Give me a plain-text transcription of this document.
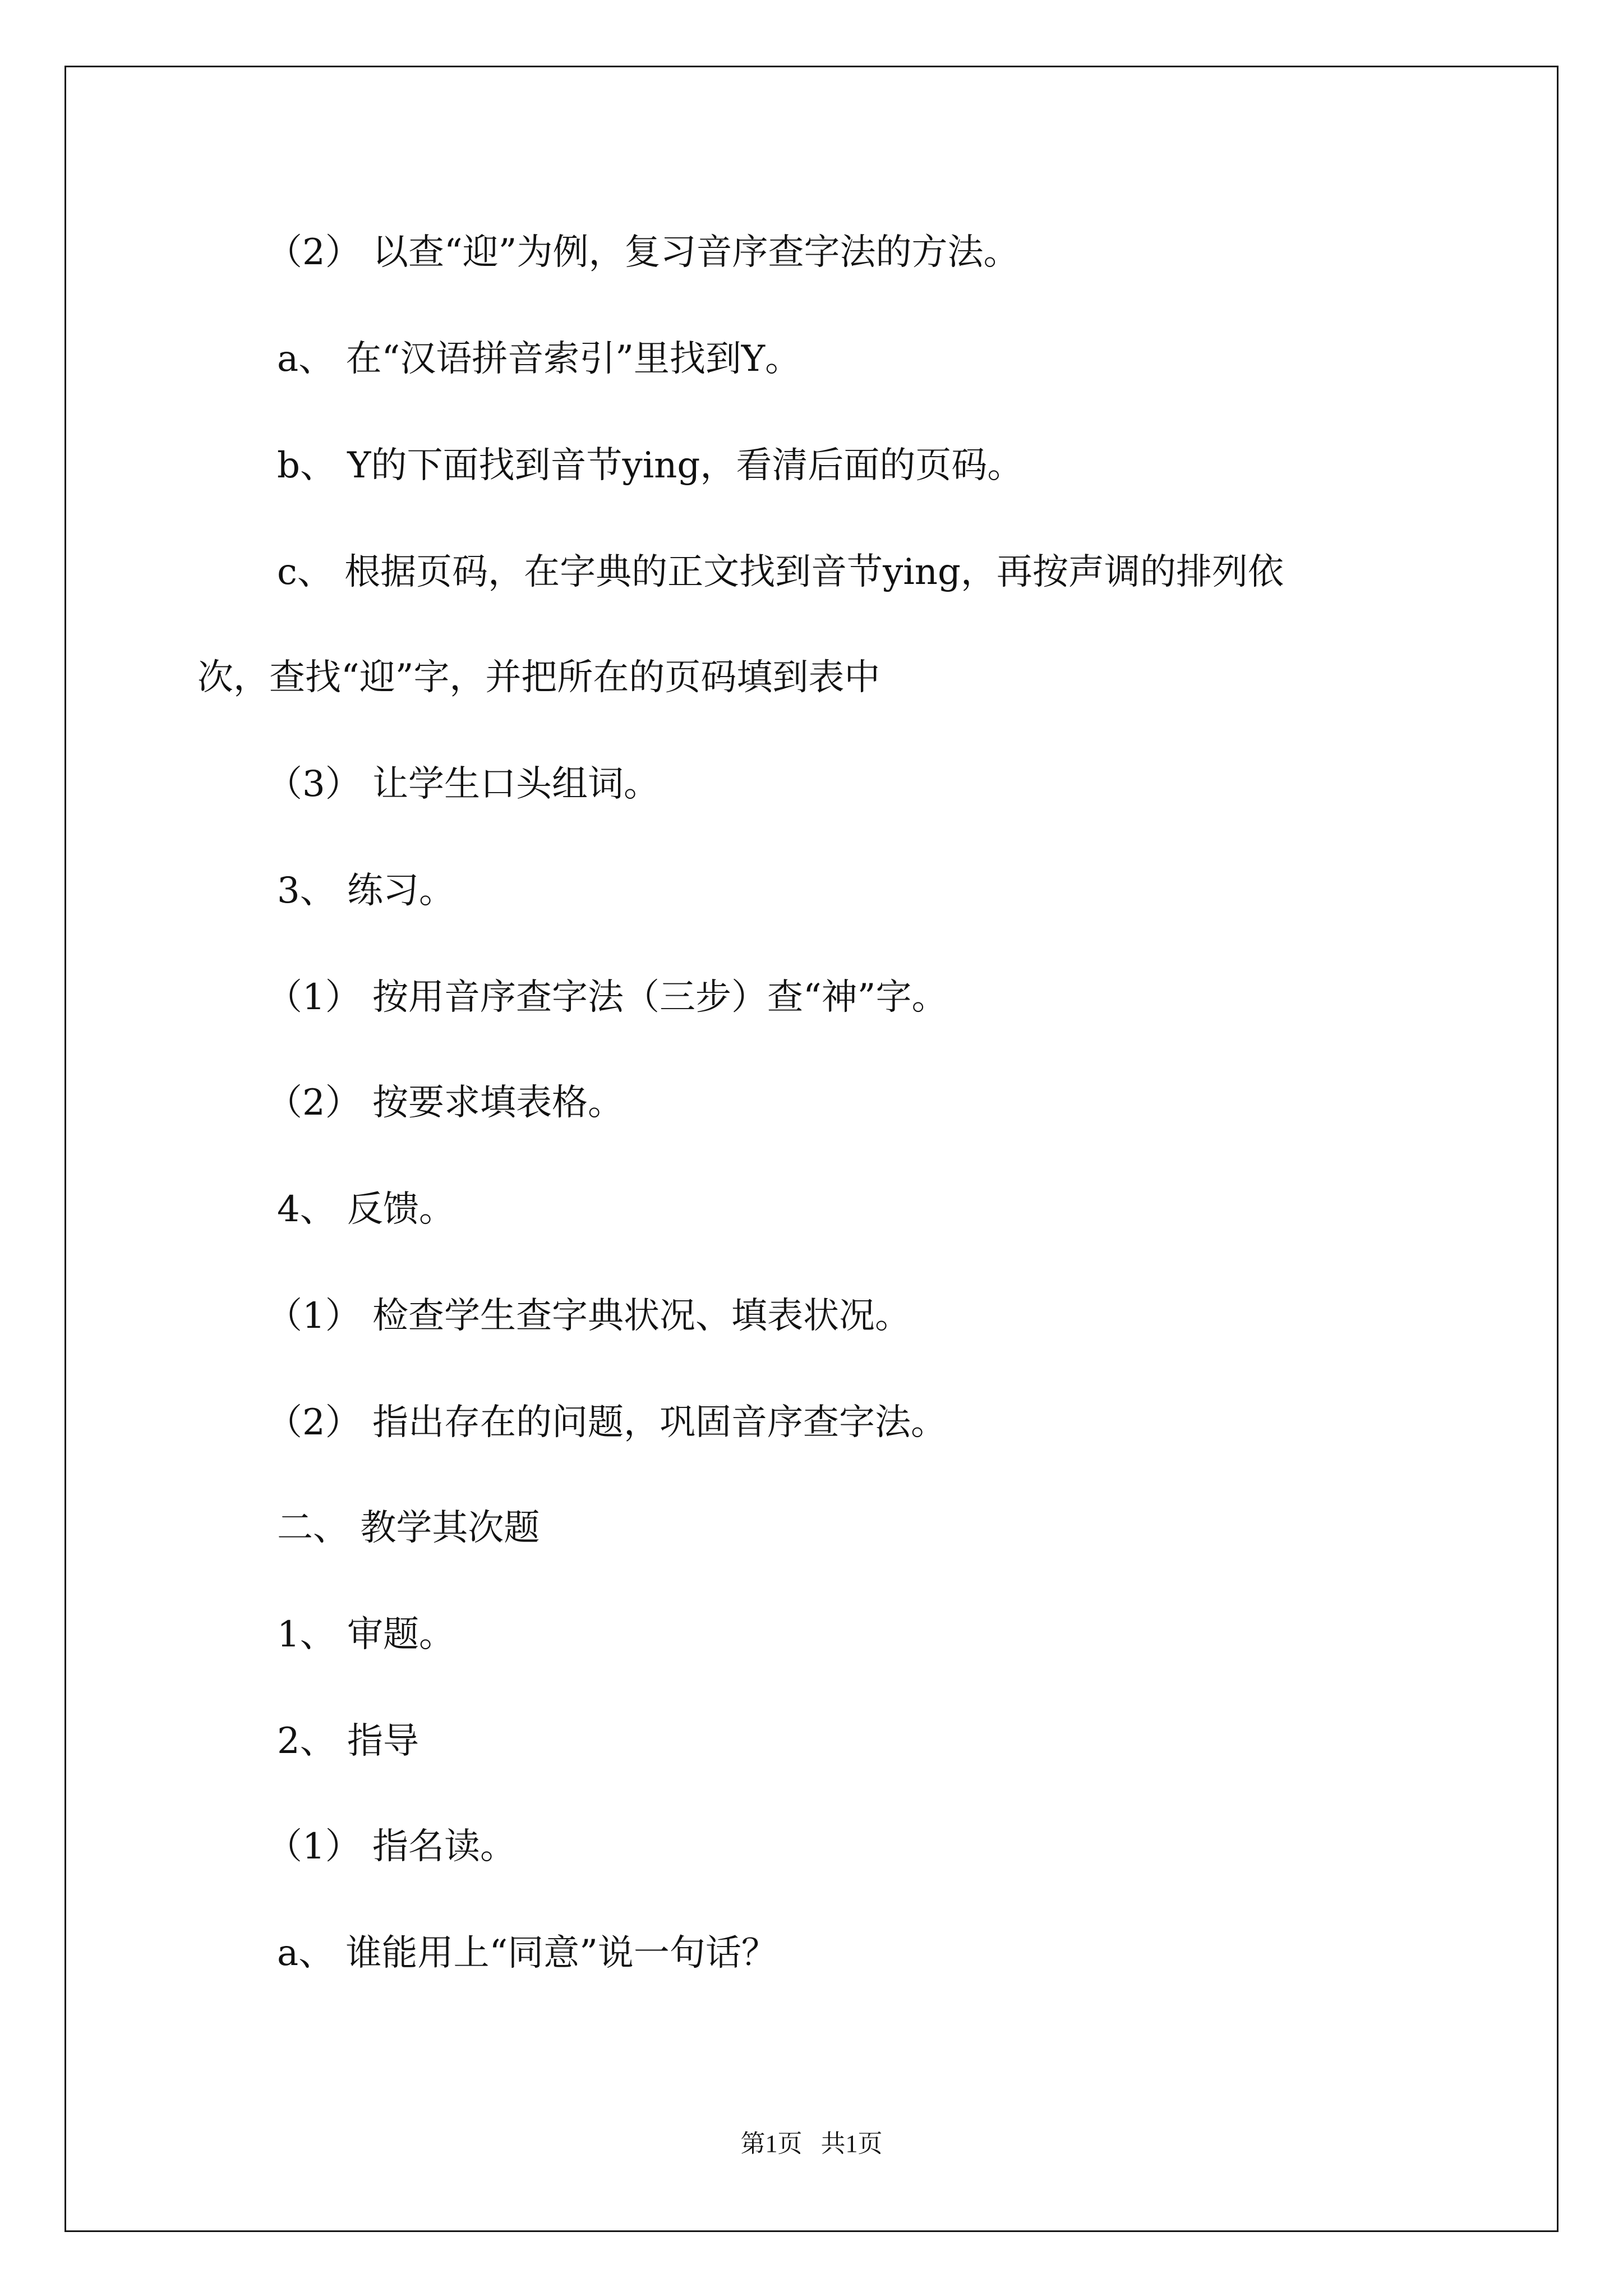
（2） 以查“迎”为例，复习音序查字法的方法。

a、 在“汉语拼音索引”里找到Y。

b、 Y的下面找到音节ying，看清后面的页码。

c、 根据页码，在字典的正文找到音节ying，再按声调的排列依

次，查找“迎”字，并把所在的页码填到表中

（3） 让学生口头组词。

3、 练习。

（1） 按用音序查字法（三步）查“神”字。

（2） 按要求填表格。

4、 反馈。

（1） 检查学生查字典状况、填表状况。

（2） 指出存在的问题，巩固音序查字法。

二、 教学其次题

1、 审题。

2、 指导

（1） 指名读。

a、 谁能用上“同意”说一句话？

第1页   共1页
